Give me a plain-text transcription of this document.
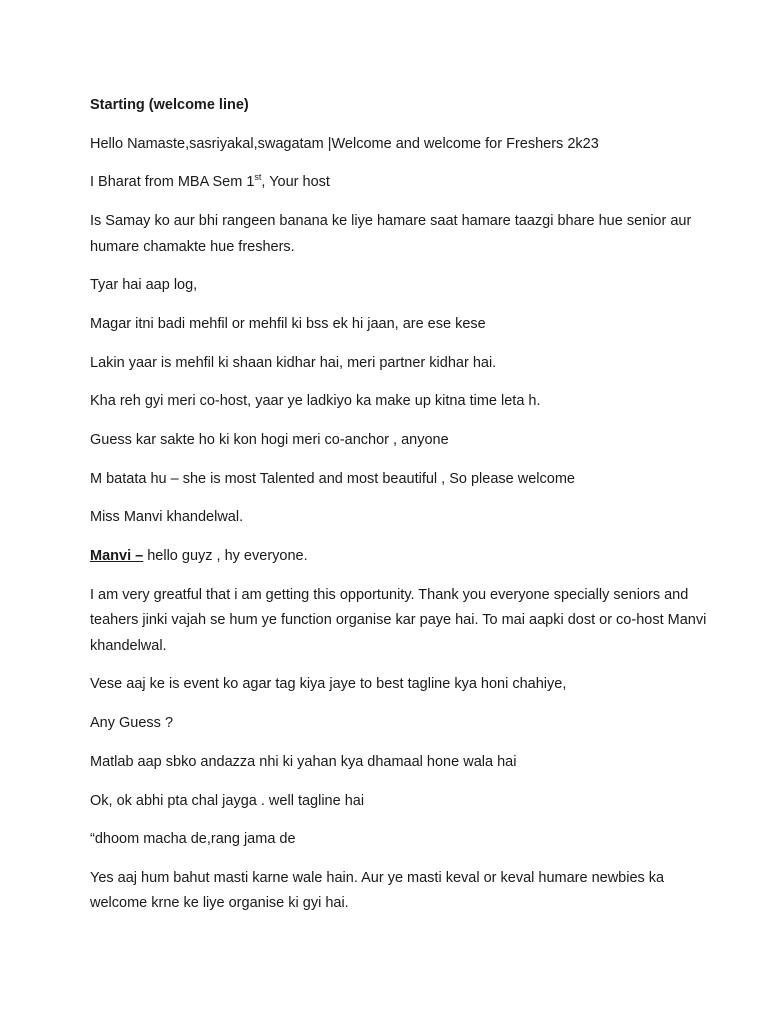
Starting (welcome line)

Hello Namaste,sasriyakal,swagatam |Welcome and welcome for Freshers 2k23

I Bharat from MBA Sem 1st, Your host

Is Samay ko aur bhi rangeen banana ke liye hamare saat hamare taazgi bhare hue senior aur humare chamakte hue freshers.

Tyar hai aap log,

Magar itni badi mehfil or mehfil ki bss ek hi jaan, are ese kese

Lakin yaar is mehfil ki shaan kidhar hai, meri partner kidhar hai.

Kha reh gyi meri co-host, yaar ye ladkiyo ka make up kitna time leta h.

Guess kar sakte ho ki kon hogi meri co-anchor , anyone

M batata hu – she is most Talented and most beautiful , So please welcome

Miss Manvi khandelwal.

Manvi – hello guyz , hy everyone.

I am very greatful that i am getting this opportunity. Thank you everyone specially seniors and teahers jinki vajah se hum ye function organise kar paye hai. To mai aapki dost or co-host Manvi khandelwal.

Vese aaj ke is event ko agar tag kiya jaye to best tagline kya honi chahiye,

Any Guess ?

Matlab aap sbko andazza nhi ki yahan kya dhamaal hone wala hai

Ok, ok abhi pta chal jayga . well tagline hai

“dhoom macha de,rang jama de

Yes aaj hum bahut masti karne wale hain. Aur ye masti keval or keval humare newbies ka welcome krne ke liye organise ki gyi hai.
